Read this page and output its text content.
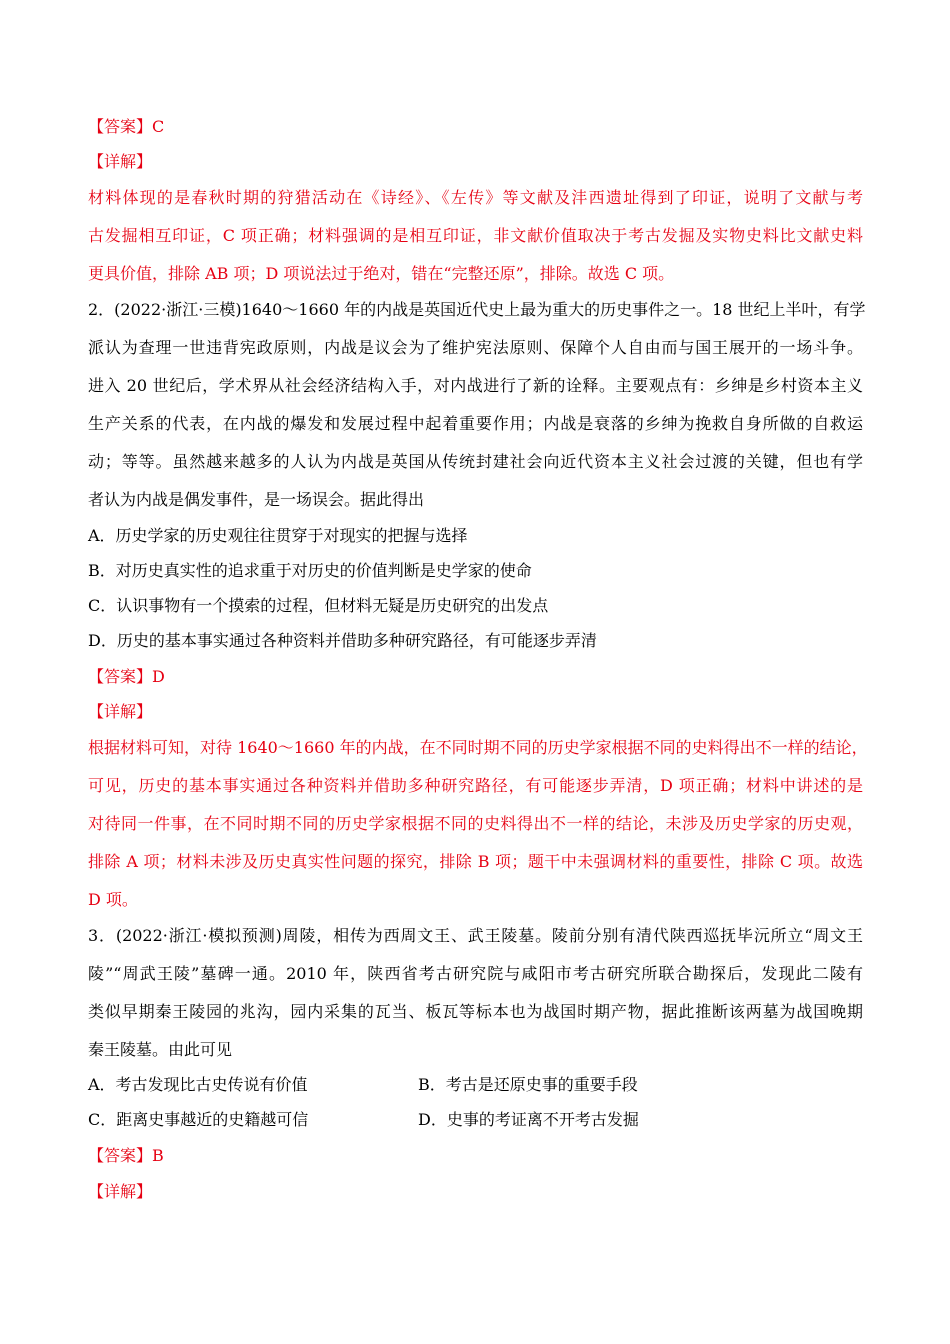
【答案】C
【详解】
材料体现的是春秋时期的狩猎活动在《诗经》、《左传》等文献及沣西遗址得到了印证，说明了文献与考
古发掘相互印证，C 项正确；材料强调的是相互印证，非文献价值取决于考古发掘及实物史料比文献史料
更具价值，排除 AB 项；D 项说法过于绝对，错在“完整还原”，排除。故选 C 项。
2．(2022·浙江·三模)1640～1660 年的内战是英国近代史上最为重大的历史事件之一。18 世纪上半叶，有学
派认为查理一世违背宪政原则，内战是议会为了维护宪法原则、保障个人自由而与国王展开的一场斗争。
进入 20 世纪后，学术界从社会经济结构入手，对内战进行了新的诠释。主要观点有：乡绅是乡村资本主义
生产关系的代表，在内战的爆发和发展过程中起着重要作用；内战是衰落的乡绅为挽救自身所做的自救运
动；等等。虽然越来越多的人认为内战是英国从传统封建社会向近代资本主义社会过渡的关键，但也有学
者认为内战是偶发事件，是一场误会。据此得出
A．历史学家的历史观往往贯穿于对现实的把握与选择
B．对历史真实性的追求重于对历史的价值判断是史学家的使命
C．认识事物有一个摸索的过程，但材料无疑是历史研究的出发点
D．历史的基本事实通过各种资料并借助多种研究路径，有可能逐步弄清
【答案】D
【详解】
根据材料可知，对待 1640～1660 年的内战，在不同时期不同的历史学家根据不同的史料得出不一样的结论，
可见，历史的基本事实通过各种资料并借助多种研究路径，有可能逐步弄清，D 项正确；材料中讲述的是
对待同一件事，在不同时期不同的历史学家根据不同的史料得出不一样的结论，未涉及历史学家的历史观，
排除 A 项；材料未涉及历史真实性问题的探究，排除 B 项；题干中未强调材料的重要性，排除 C 项。故选
D 项。
3．(2022·浙江·模拟预测)周陵，相传为西周文王、武王陵墓。陵前分别有清代陕西巡抚毕沅所立“周文王
陵”“周武王陵”墓碑一通。2010 年，陕西省考古研究院与咸阳市考古研究所联合勘探后，发现此二陵有
类似早期秦王陵园的兆沟，园内采集的瓦当、板瓦等标本也为战国时期产物，据此推断该两墓为战国晚期
秦王陵墓。由此可见
A．考古发现比古史传说有价值	B．考古是还原史事的重要手段
C．距离史事越近的史籍越可信	D．史事的考证离不开考古发掘
【答案】B
【详解】
